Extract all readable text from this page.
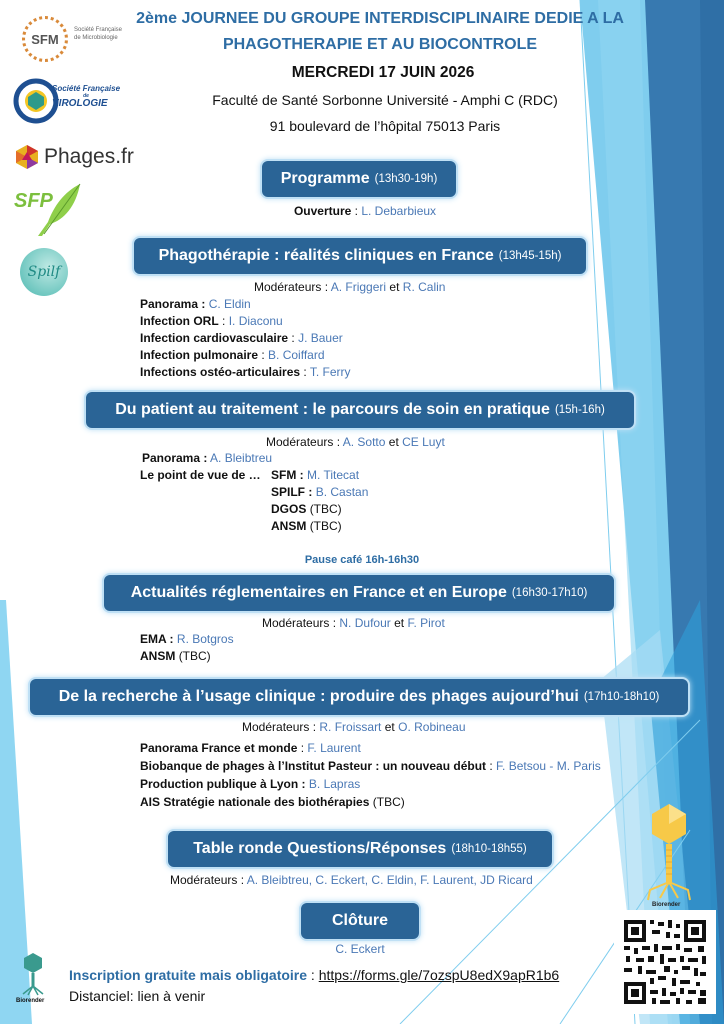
SFM
Société Française
de Microbiologie
Société Française
de
VIROLOGIE
Phages.fr
SFP
Spilf
2ème JOURNEE DU GROUPE INTERDISCIPLINAIRE DEDIE A LA
PHAGOTHERAPIE ET AU BIOCONTROLE
MERCREDI 17 JUIN 2026
Faculté de Santé Sorbonne Université - Amphi C (RDC)
91 boulevard de l’hôpital 75013 Paris
Programme (13h30-19h)
Ouverture : L. Debarbieux
Phagothérapie : réalités cliniques en France (13h45-15h)
Modérateurs : A. Friggeri et R. Calin
Panorama : C. Eldin
Infection ORL : I. Diaconu
Infection cardiovasculaire : J. Bauer
Infection pulmonaire : B. Coiffard
Infections ostéo-articulaires : T. Ferry
Du patient au traitement : le parcours de soin en pratique (15h-16h)
Modérateurs : A. Sotto et CE Luyt
Panorama : A. Bleibtreu
Le point de vue de … SFM : M. Titecat
SPILF : B. Castan
DGOS (TBC)
ANSM (TBC)
Pause café 16h-16h30
Actualités réglementaires en France et en Europe (16h30-17h10)
Modérateurs : N. Dufour et F. Pirot
EMA : R. Botgros
ANSM (TBC)
De la recherche à l’usage clinique : produire des phages aujourd’hui (17h10-18h10)
Modérateurs : R. Froissart et O. Robineau
Panorama France et monde : F. Laurent
Biobanque de phages à l’Institut Pasteur : un nouveau début : F. Betsou - M. Paris
Production publique à Lyon : B. Lapras
AIS Stratégie nationale des biothérapies (TBC)
Table ronde Questions/Réponses (18h10-18h55)
Modérateurs : A. Bleibtreu, C. Eckert, C. Eldin, F. Laurent, JD Ricard
Clôture
C. Eckert
Biorender
Inscription gratuite mais obligatoire : https://forms.gle/7ozspU8edX9apR1b6
Distanciel: lien à venir
Biorender
